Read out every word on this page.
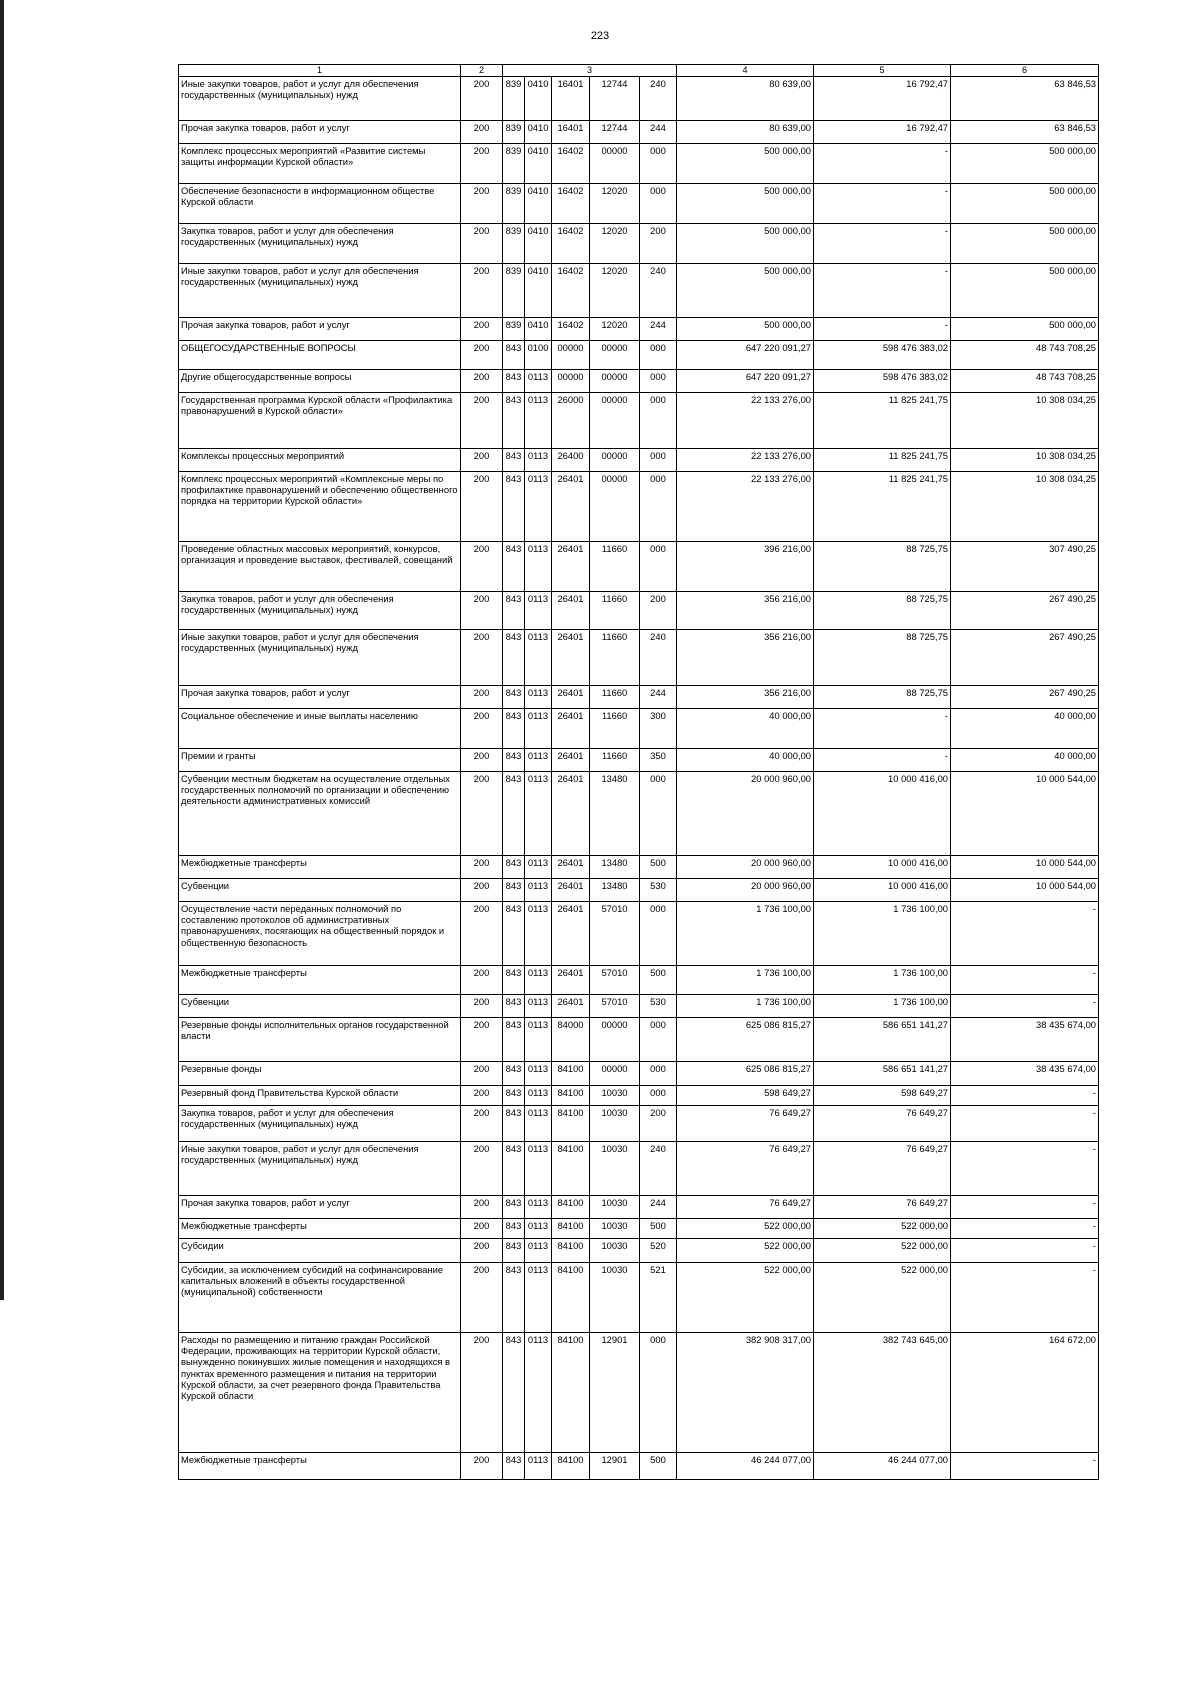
223
1	2	3					4	5	6
Иные закупки товаров, работ и услуг для обеспечения государственных (муниципальных) нужд	200	839	0410	16401	12744	240	80 639,00	16 792,47	63 846,53
Прочая закупка товаров, работ и услуг	200	839	0410	16401	12744	244	80 639,00	16 792,47	63 846,53
Комплекс процессных мероприятий «Развитие системы защиты информации Курской области»	200	839	0410	16402	00000	000	500 000,00	-	500 000,00
Обеспечение безопасности в информационном обществе Курской области	200	839	0410	16402	12020	000	500 000,00	-	500 000,00
Закупка товаров, работ и услуг для обеспечения государственных (муниципальных) нужд	200	839	0410	16402	12020	200	500 000,00	-	500 000,00
Иные закупки товаров, работ и услуг для обеспечения государственных (муниципальных) нужд	200	839	0410	16402	12020	240	500 000,00	-	500 000,00
Прочая закупка товаров, работ и услуг	200	839	0410	16402	12020	244	500 000,00	-	500 000,00
ОБЩЕГОСУДАРСТВЕННЫЕ ВОПРОСЫ	200	843	0100	00000	00000	000	647 220 091,27	598 476 383,02	48 743 708,25
Другие общегосударственные вопросы	200	843	0113	00000	00000	000	647 220 091,27	598 476 383,02	48 743 708,25
Государственная программа Курской области «Профилактика правонарушений в Курской области»	200	843	0113	26000	00000	000	22 133 276,00	11 825 241,75	10 308 034,25
Комплексы процессных мероприятий	200	843	0113	26400	00000	000	22 133 276,00	11 825 241,75	10 308 034,25
Комплекс процессных мероприятий «Комплексные меры по профилактике правонарушений и обеспечению общественного порядка на территории Курской области»	200	843	0113	26401	00000	000	22 133 276,00	11 825 241,75	10 308 034,25
Проведение областных массовых мероприятий, конкурсов, организация и проведение выставок, фестивалей, совещаний	200	843	0113	26401	11660	000	396 216,00	88 725,75	307 490,25
Закупка товаров, работ и услуг для обеспечения государственных (муниципальных) нужд	200	843	0113	26401	11660	200	356 216,00	88 725,75	267 490,25
Иные закупки товаров, работ и услуг для обеспечения государственных (муниципальных) нужд	200	843	0113	26401	11660	240	356 216,00	88 725,75	267 490,25
Прочая закупка товаров, работ и услуг	200	843	0113	26401	11660	244	356 216,00	88 725,75	267 490,25
Социальное обеспечение и иные выплаты населению	200	843	0113	26401	11660	300	40 000,00	-	40 000,00
Премии и гранты	200	843	0113	26401	11660	350	40 000,00	-	40 000,00
Субвенции местным бюджетам на осуществление отдельных государственных полномочий по организации и обеспечению деятельности административных комиссий	200	843	0113	26401	13480	000	20 000 960,00	10 000 416,00	10 000 544,00
Межбюджетные трансферты	200	843	0113	26401	13480	500	20 000 960,00	10 000 416,00	10 000 544,00
Субвенции	200	843	0113	26401	13480	530	20 000 960,00	10 000 416,00	10 000 544,00
Осуществление части переданных полномочий по составлению протоколов об административных правонарушениях, посягающих на общественный порядок и общественную безопасность	200	843	0113	26401	57010	000	1 736 100,00	1 736 100,00	-
Межбюджетные трансферты	200	843	0113	26401	57010	500	1 736 100,00	1 736 100,00	-
Субвенции	200	843	0113	26401	57010	530	1 736 100,00	1 736 100,00	-
Резервные фонды исполнительных органов государственной власти	200	843	0113	84000	00000	000	625 086 815,27	586 651 141,27	38 435 674,00
Резервные фонды	200	843	0113	84100	00000	000	625 086 815,27	586 651 141,27	38 435 674,00
Резервный фонд Правительства Курской области	200	843	0113	84100	10030	000	598 649,27	598 649,27	-
Закупка товаров, работ и услуг для обеспечения государственных (муниципальных) нужд	200	843	0113	84100	10030	200	76 649,27	76 649,27	-
Иные закупки товаров, работ и услуг для обеспечения государственных (муниципальных) нужд	200	843	0113	84100	10030	240	76 649,27	76 649,27	-
Прочая закупка товаров, работ и услуг	200	843	0113	84100	10030	244	76 649,27	76 649,27	-
Межбюджетные трансферты	200	843	0113	84100	10030	500	522 000,00	522 000,00	-
Субсидии	200	843	0113	84100	10030	520	522 000,00	522 000,00	-
Субсидии, за исключением субсидий на софинансирование капитальных вложений в объекты государственной (муниципальной) собственности	200	843	0113	84100	10030	521	522 000,00	522 000,00	-
Расходы по размещению и питанию граждан Российской Федерации, проживающих на территории Курской области, вынужденно покинувших жилые помещения и находящихся в пунктах временного размещения и питания на территории Курской области, за счет резервного фонда Правительства Курской области	200	843	0113	84100	12901	000	382 908 317,00	382 743 645,00	164 672,00
Межбюджетные трансферты	200	843	0113	84100	12901	500	46 244 077,00	46 244 077,00	-
